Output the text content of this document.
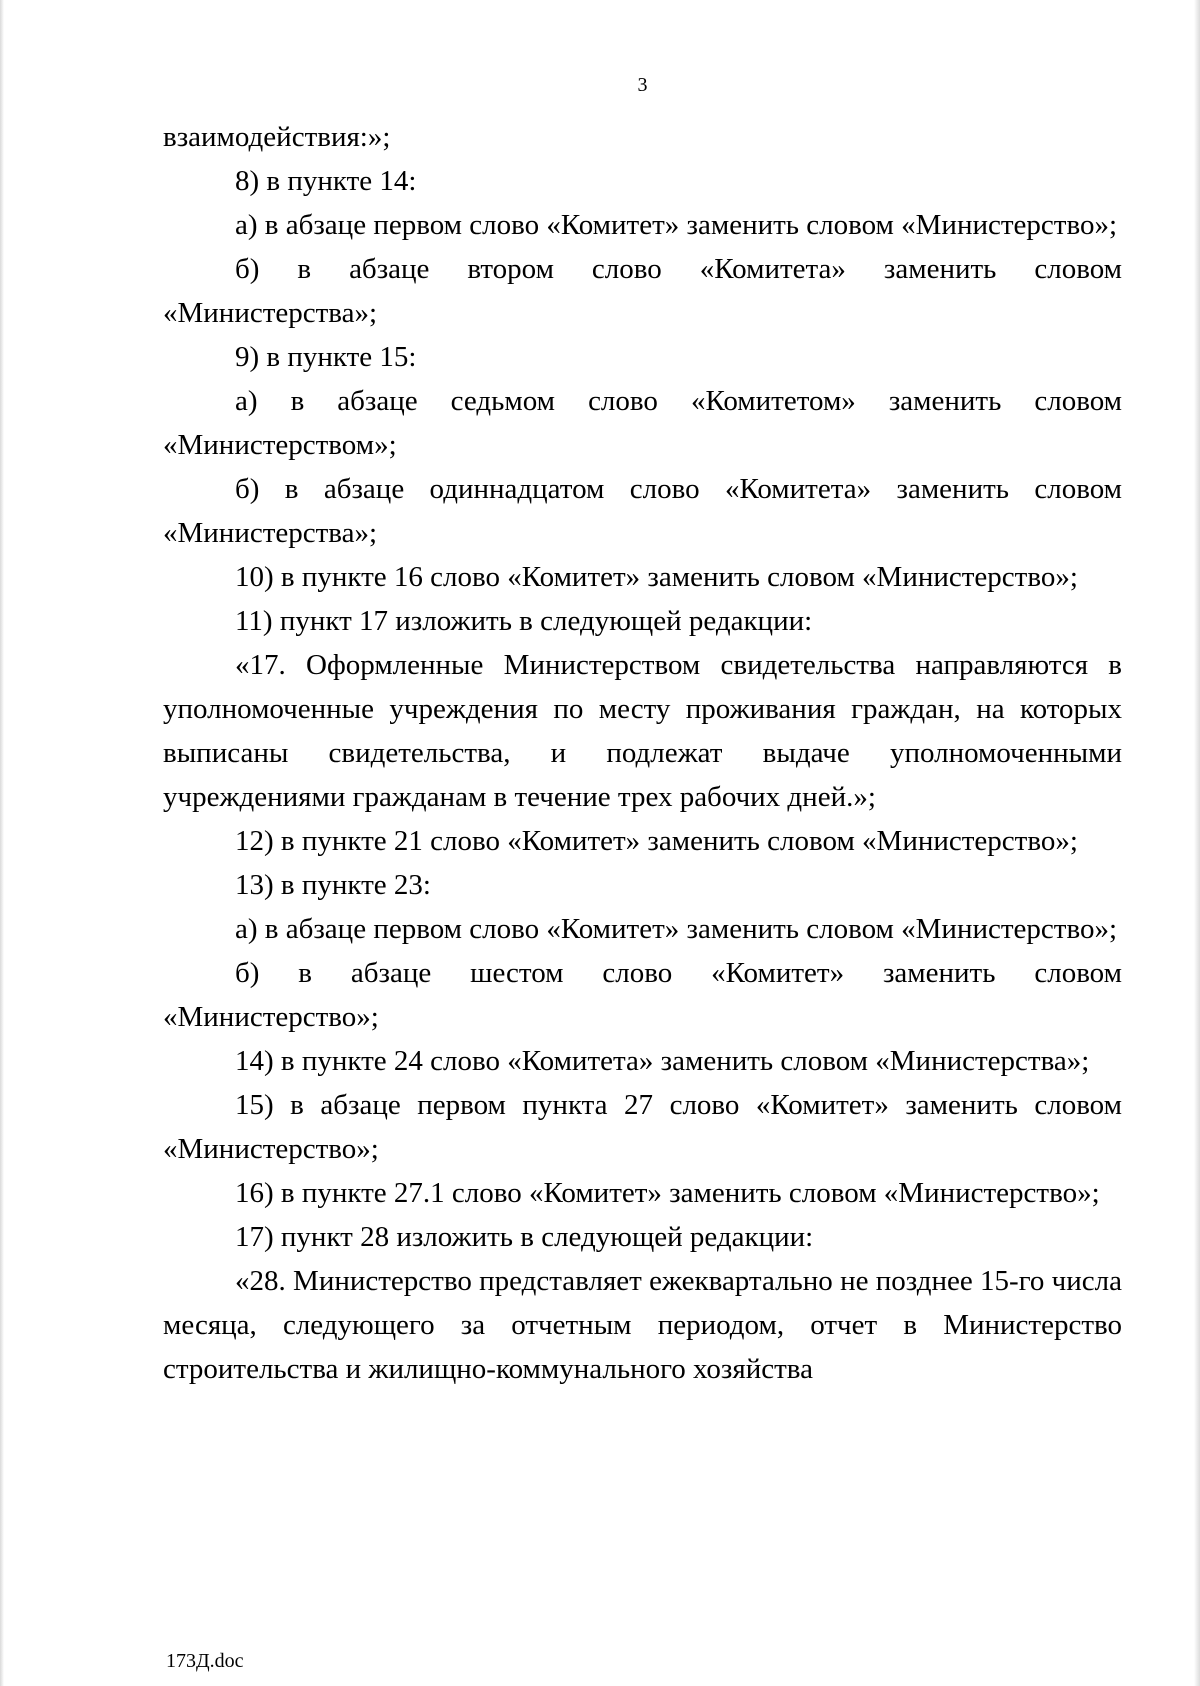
3

взаимодействия:»;

8) в пункте 14:

а) в абзаце первом слово «Комитет» заменить словом «Министерство»;

б) в абзаце втором слово «Комитета» заменить словом «Министерства»;

9) в пункте 15:

а) в абзаце седьмом слово «Комитетом» заменить словом «Министерством»;

б) в абзаце одиннадцатом слово «Комитета» заменить словом «Министерства»;

10) в пункте 16 слово «Комитет» заменить словом «Министерство»;

11) пункт 17 изложить в следующей редакции:

«17. Оформленные Министерством свидетельства направляются в уполномоченные учреждения по месту проживания граждан, на которых выписаны свидетельства, и подлежат выдаче уполномоченными учреждениями гражданам в течение трех рабочих дней.»;

12) в пункте 21 слово «Комитет» заменить словом «Министерство»;

13) в пункте 23:

а) в абзаце первом слово «Комитет» заменить словом «Министерство»;

б) в абзаце шестом слово «Комитет» заменить словом «Министерство»;

14) в пункте 24 слово «Комитета» заменить словом «Министерства»;

15) в абзаце первом пункта 27 слово «Комитет» заменить словом «Министерство»;

16) в пункте 27.1 слово «Комитет» заменить словом «Министерство»;

17) пункт 28 изложить в следующей редакции:

«28. Министерство представляет ежеквартально не позднее 15-го числа месяца, следующего за отчетным периодом, отчет в Министерство строительства и жилищно-коммунального хозяйства

173Д.doc
